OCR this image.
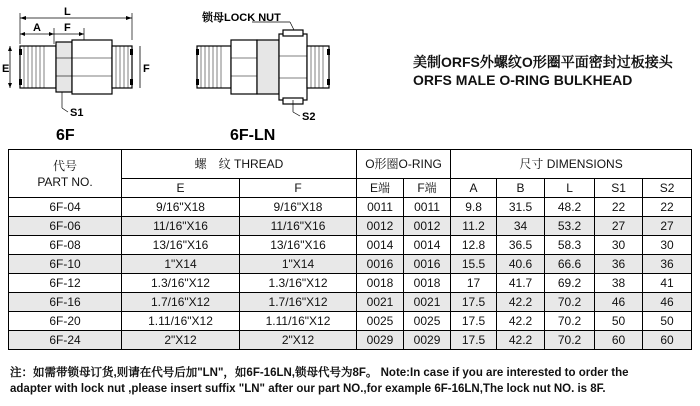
L
A F
E	F
S1
6F
锁母LOCK NUT
S2
6F-LN
美制ORFS外螺纹O形圈平面密封过板接头
ORFS MALE O-RING BULKHEAD
代号
PART NO.	螺　纹 THREAD		O形圈O-RING		尺寸 DIMENSIONS				
	E	F	E端	F端	A	B	L	S1	S2
6F-04	9/16"X18	9/16"X18	0011	0011	9.8	31.5	48.2	22	22
6F-06	11/16"X16	11/16"X16	0012	0012	11.2	34	53.2	27	27
6F-08	13/16"X16	13/16"X16	0014	0014	12.8	36.5	58.3	30	30
6F-10	1"X14	1"X14	0016	0016	15.5	40.6	66.6	36	36
6F-12	1.3/16"X12	1.3/16"X12	0018	0018	17	41.7	69.2	38	41
6F-16	1.7/16"X12	1.7/16"X12	0021	0021	17.5	42.2	70.2	46	46
6F-20	1.11/16"X12	1.11/16"X12	0025	0025	17.5	42.2	70.2	50	50
6F-24	2"X12	2"X12	0029	0029	17.5	42.2	70.2	60	60
注：如需带锁母订货,则请在代号后加"LN"，如6F-16LN,锁母代号为8F。 Note:In case if you are interested to order the
adapter with lock nut ,please insert suffix "LN" after our part NO.,for example 6F-16LN,The lock nut NO. is 8F.
